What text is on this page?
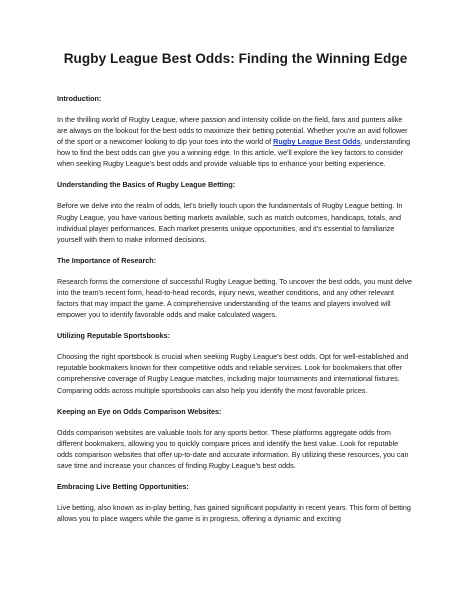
Rugby League Best Odds: Finding the Winning Edge
Introduction:

In the thrilling world of Rugby League, where passion and intensity collide on the field, fans and punters alike are always on the lookout for the best odds to maximize their betting potential. Whether you're an avid follower of the sport or a newcomer looking to dip your toes into the world of Rugby League Best Odds, understanding how to find the best odds can give you a winning edge. In this article, we'll explore the key factors to consider when seeking Rugby League's best odds and provide valuable tips to enhance your betting experience.

Understanding the Basics of Rugby League Betting:

Before we delve into the realm of odds, let's briefly touch upon the fundamentals of Rugby League betting. In Rugby League, you have various betting markets available, such as match outcomes, handicaps, totals, and individual player performances. Each market presents unique opportunities, and it's essential to familiarize yourself with them to make informed decisions.

The Importance of Research:

Research forms the cornerstone of successful Rugby League betting. To uncover the best odds, you must delve into the team's recent form, head-to-head records, injury news, weather conditions, and any other relevant factors that may impact the game. A comprehensive understanding of the teams and players involved will empower you to identify favorable odds and make calculated wagers.

Utilizing Reputable Sportsbooks:

Choosing the right sportsbook is crucial when seeking Rugby League's best odds. Opt for well-established and reputable bookmakers known for their competitive odds and reliable services. Look for bookmakers that offer comprehensive coverage of Rugby League matches, including major tournaments and international fixtures. Comparing odds across multiple sportsbooks can also help you identify the most favorable prices.

Keeping an Eye on Odds Comparison Websites:

Odds comparison websites are valuable tools for any sports bettor. These platforms aggregate odds from different bookmakers, allowing you to quickly compare prices and identify the best value. Look for reputable odds comparison websites that offer up-to-date and accurate information. By utilizing these resources, you can save time and increase your chances of finding Rugby League's best odds.

Embracing Live Betting Opportunities:

Live betting, also known as in-play betting, has gained significant popularity in recent years. This form of betting allows you to place wagers while the game is in progress, offering a dynamic and exciting
